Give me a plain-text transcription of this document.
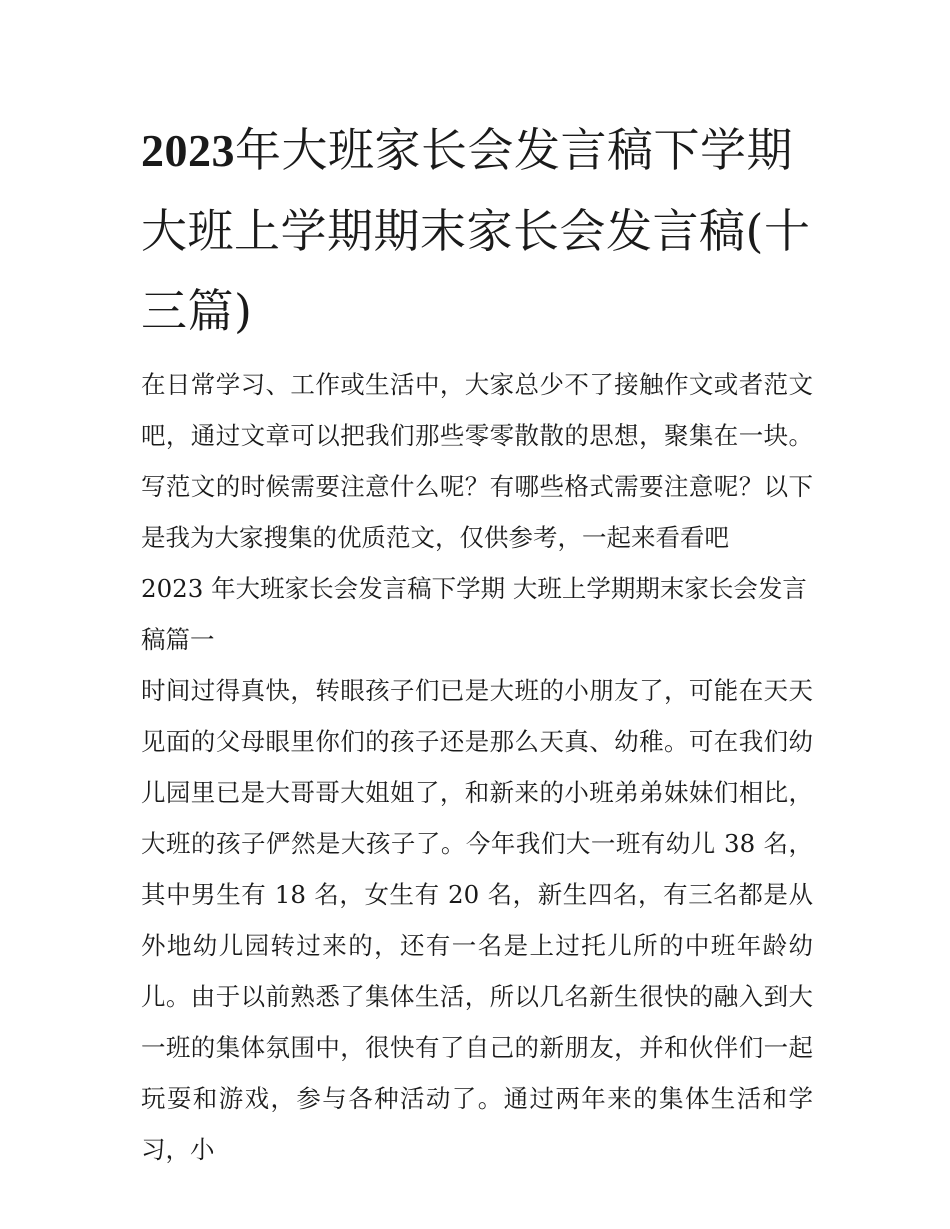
2023年大班家长会发言稿下学期 大班上学期期末家长会发言稿(十三篇)

在日常学习、工作或生活中，大家总少不了接触作文或者范文吧，通过文章可以把我们那些零零散散的思想，聚集在一块。写范文的时候需要注意什么呢？有哪些格式需要注意呢？以下是我为大家搜集的优质范文，仅供参考，一起来看看吧

2023 年大班家长会发言稿下学期 大班上学期期末家长会发言稿篇一

时间过得真快，转眼孩子们已是大班的小朋友了，可能在天天见面的父母眼里你们的孩子还是那么天真、幼稚。可在我们幼儿园里已是大哥哥大姐姐了，和新来的小班弟弟妹妹们相比，大班的孩子俨然是大孩子了。今年我们大一班有幼儿 38 名，其中男生有 18 名，女生有 20 名，新生四名，有三名都是从外地幼儿园转过来的，还有一名是上过托儿所的中班年龄幼儿。由于以前熟悉了集体生活，所以几名新生很快的融入到大一班的集体氛围中，很快有了自己的新朋友，并和伙伴们一起玩耍和游戏，参与各种活动了。通过两年来的集体生活和学习，小
